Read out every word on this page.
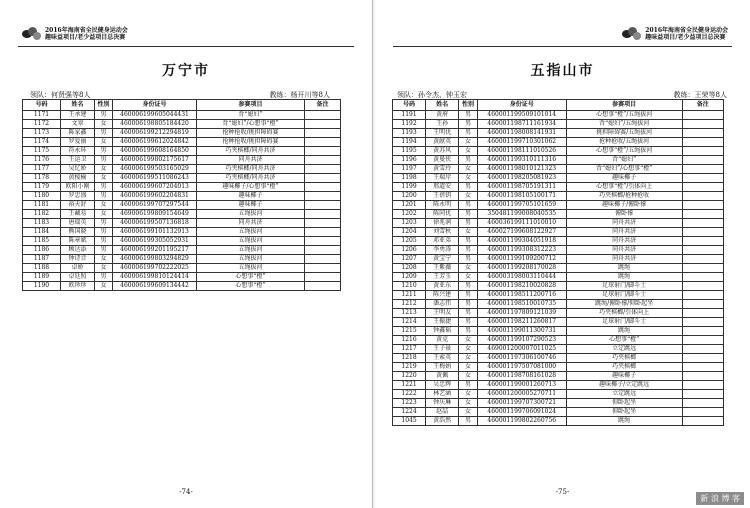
2016年海南省全民健身运动会
趣味益项目/老少益项目总决赛
万宁市
领队：何贤强等8人	教练：杨开川等8人
号码	姓名	性别	身份证号	参赛项目	备注
1171	王承建	男	460006199605044431	背“媳妇”	
1172	文翠	女	460006198805184420	背“媳妇”/心想事“橙”	
1173	陈家鑫	男	460006199212294819	抢种抢收/挑担障碍赛	
1174	罗爱丽	女	460006199612024842	抢种抢收/挑担障碍赛	
1175	符永环	男	460006199608164850	巧夹槟榔/同舟共济	
1176	王运卫	男	460006199802175617	同舟共济	
1177	吴忆娇	女	460006199503165029	巧夹槟榔/同舟共济	
1178	黄棱榆	女	460006199511086243	巧夹槟榔/同舟共济	
1179	欧阳小刚	男	460006199607204013	趣味椰子/心想事“橙”	
1180	罗忠盛	男	460006199602204831	趣味椰子	
1181	裕天舒	女	460006199707297544	趣味椰子	
1182	王藏易	女	469006199809154649	五绳拔河	
1183	唐瑞英	男	460006199507136818	同舟共济	
1184	熊国晓	男	460006199101132913	五绳拔河	
1185	陈章斌	男	460006199305052931	五绳拔河	
1186	顾达添	男	460006199201195217	五绳拔河	
1187	钟诗音	女	460006199803294829	五绳拔河	
1188	卓娇	女	460006199702222025	五绳拔河	
1189	卓廷照	男	460006199810124414	心想事“橙”	
1190	欧珍珍	女	460006199609134442	心想事“橙”	
-74-
2016年海南省全民健身运动会
趣味益项目/老少益项目总决赛
五指山市
领队：孙令杰、钟玉宏	教练：王荣等8人
号码	姓名	性别	身份证号	参赛项目	备注
1191	黄府	男	460001199509101014	心想事“橙”/五绳拔河	
1192	王孙	男	460001198711161934	背“媳妇”/五绳拔河	
1193	王明优	男	460001198008141931	挑担障碍赛/五绳拔河	
1194	黄献英	女	460001199710301062	抢种抢收/五绳拔河	
1195	黄苏风	女	460001198111010526	心想事“橙”/五绳拔河	
1196	黄曼侠	男	460001199310111316	背“媳妇”	
1197	黄雪玲	女	460001198010121323	背“媳妇”/心想事“橙”	
1198	王瑞岸	女	460001198205081923	趣味椰子	
1199	邢道安	男	460001198705191311	心想事“橙”/引体向上	
1200	王蓓钥	女	460001198105100171	巧夹槟榔/抢种抢收	
1201	陈永明	男	460001199705101659	趣味椰子/俯卧撑	
1202	陈同优	男	350481199008040535	俯卧撑	
1203	徐兆润	男	460036199111010010	同舟共济	
1204	刘雪秋	女	460027199608122927	同舟共济	
1205	邓亚弟	男	460001199304051918	同舟共济	
1206	李勇涛	男	460001199308312223	同舟共济	
1207	黄宝宁	男	460001199109200712	同舟共济	
1208	王紫薇	女	460001199208170028	跳绳	
1209	王芳玉	女	460003198003110444	跳绳	
1210	黄亚东	男	460001198210020828	足球射门/脚斗士	
1211	陈兴建	男	460001198511200716	足球射门/脚斗士	
1212	潘志伟	男	460001198510010735	跳绳/俯卧撑/仰卧起坐	
1213	王明友	男	460001197809121039	巧夹槟榔/引体向上	
1214	王振捷	男	460001198211260817	足球射门/脚斗士	
1215	钟鑫韬	男	460001199011300731	跳绳	
1216	黄克	女	460001199107290523	心想事“橙”	
1217	王子景	女	469001200007011025	立定跳远	
1218	王索英	女	460001197306100746	巧夹槟榔	
1219	王梅娟	女	460001197507081000	巧夹槟榔	
1220	黄佩	女	460001198708161028	趣味椰子	
1221	吴忠辉	男	460001199001260713	趣味椰子/立定跳远	
1222	林艺涵	女	460001200005270711	立定跳远	
1223	钟庆琳	女	460001199707300721	仰卧起坐	
1224	赵喆	女	460001199706091024	仰卧起坐	
1045	黄浩然	男	460001199802260756	跳绳	
-75-
新 浪 博 客
